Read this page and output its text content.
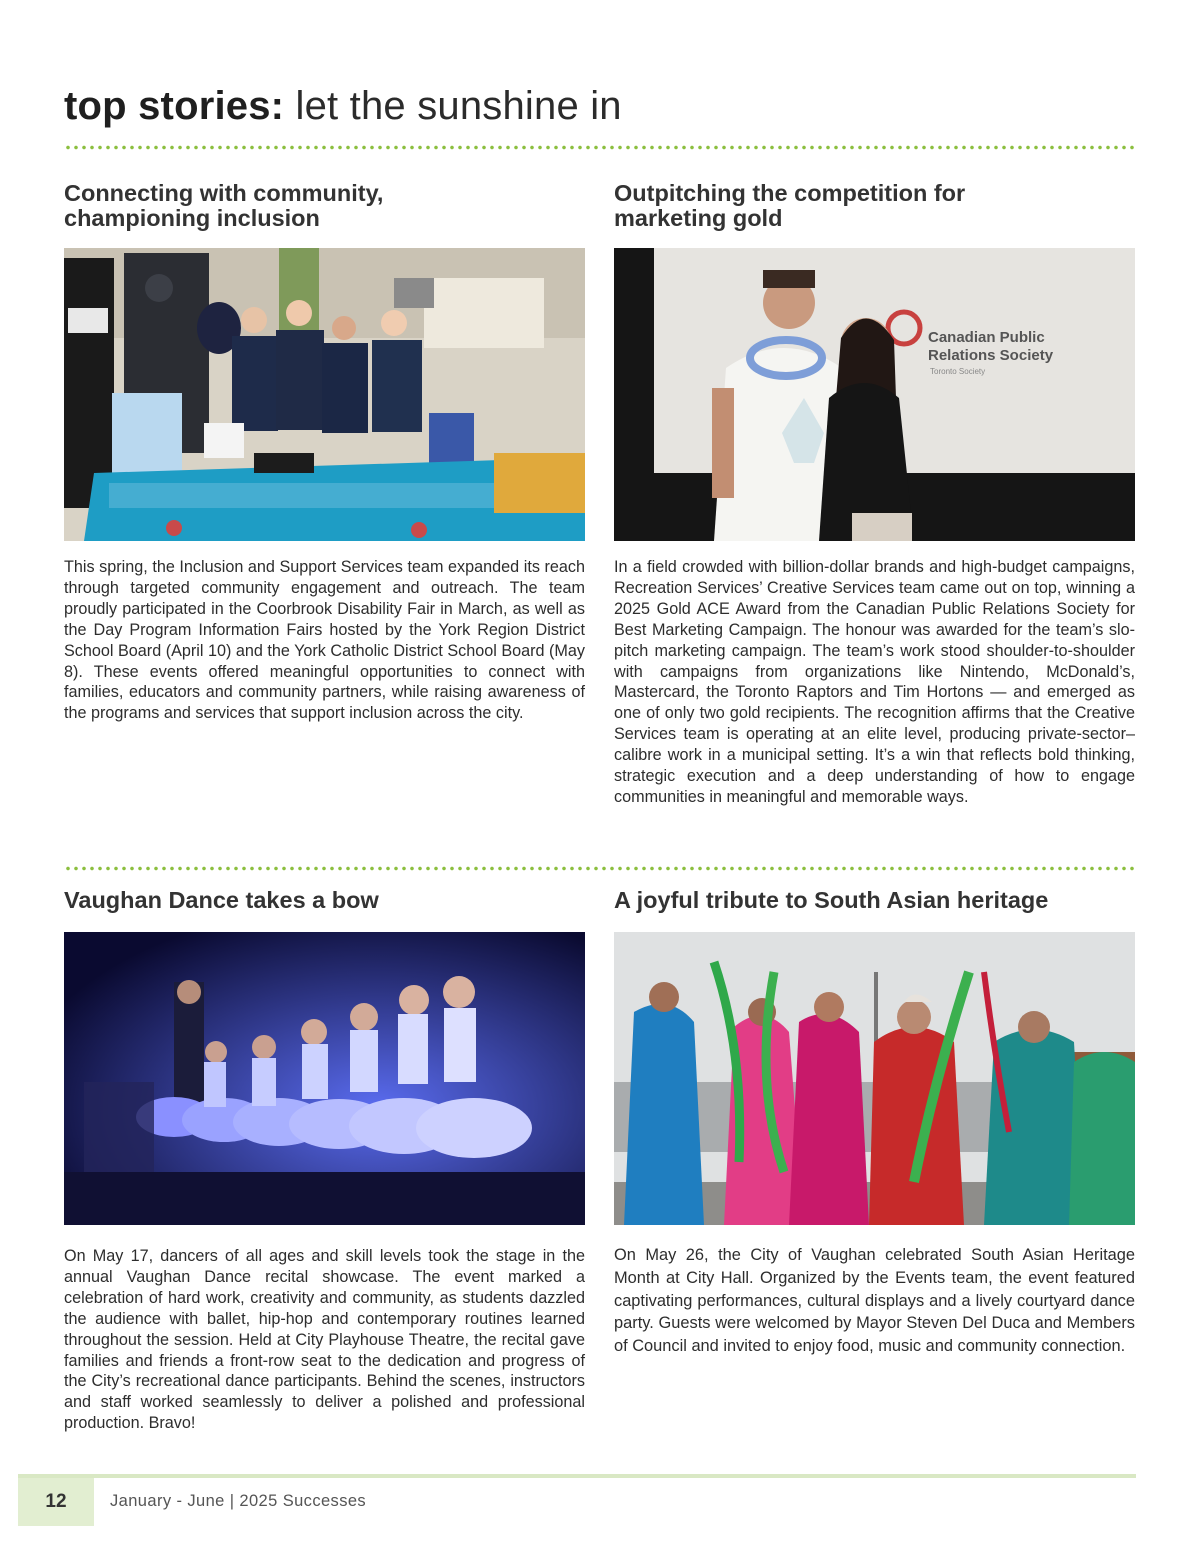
top stories: let the sunshine in
Connecting with community, championing inclusion

This spring, the Inclusion and Support Services team expanded its reach through targeted community engagement and outreach. The team proudly participated in the Coorbrook Disability Fair in March, as well as the Day Program Information Fairs hosted by the York Region District School Board (April 10) and the York Catholic District School Board (May 8). These events offered meaningful opportunities to connect with families, educators and community partners, while raising awareness of the programs and services that support inclusion across the city.

Outpitching the competition for marketing gold
Canadian Public
Relations Society
Toronto Society

In a field crowded with billion-dollar brands and high-budget campaigns, Recreation Services’ Creative Services team came out on top, winning a 2025 Gold ACE Award from the Canadian Public Relations Society for Best Marketing Campaign. The honour was awarded for the team’s slo-pitch marketing campaign. The team’s work stood shoulder-to-shoulder with campaigns from organizations like Nintendo, McDonald’s, Mastercard, the Toronto Raptors and Tim Hortons — and emerged as one of only two gold recipients. The recognition affirms that the Creative Services team is operating at an elite level, producing private-sector–calibre work in a municipal setting. It’s a win that reflects bold thinking, strategic execution and a deep understanding of how to engage communities in meaningful and memorable ways.

Vaughan Dance takes a bow

On May 17, dancers of all ages and skill levels took the stage in the annual Vaughan Dance recital showcase. The event marked a celebration of hard work, creativity and community, as students dazzled the audience with ballet, hip-hop and contemporary routines learned throughout the session. Held at City Playhouse Theatre, the recital gave families and friends a front-row seat to the dedication and progress of the City’s recreational dance participants. Behind the scenes, instructors and staff worked seamlessly to deliver a polished and professional production. Bravo!

A joyful tribute to South Asian heritage

On May 26, the City of Vaughan celebrated South Asian Heritage Month at City Hall. Organized by the Events team, the event featured captivating performances, cultural displays and a lively courtyard dance party. Guests were welcomed by Mayor Steven Del Duca and Members of Council and invited to enjoy food, music and community connection.

12	January - June | 2025 Successes
